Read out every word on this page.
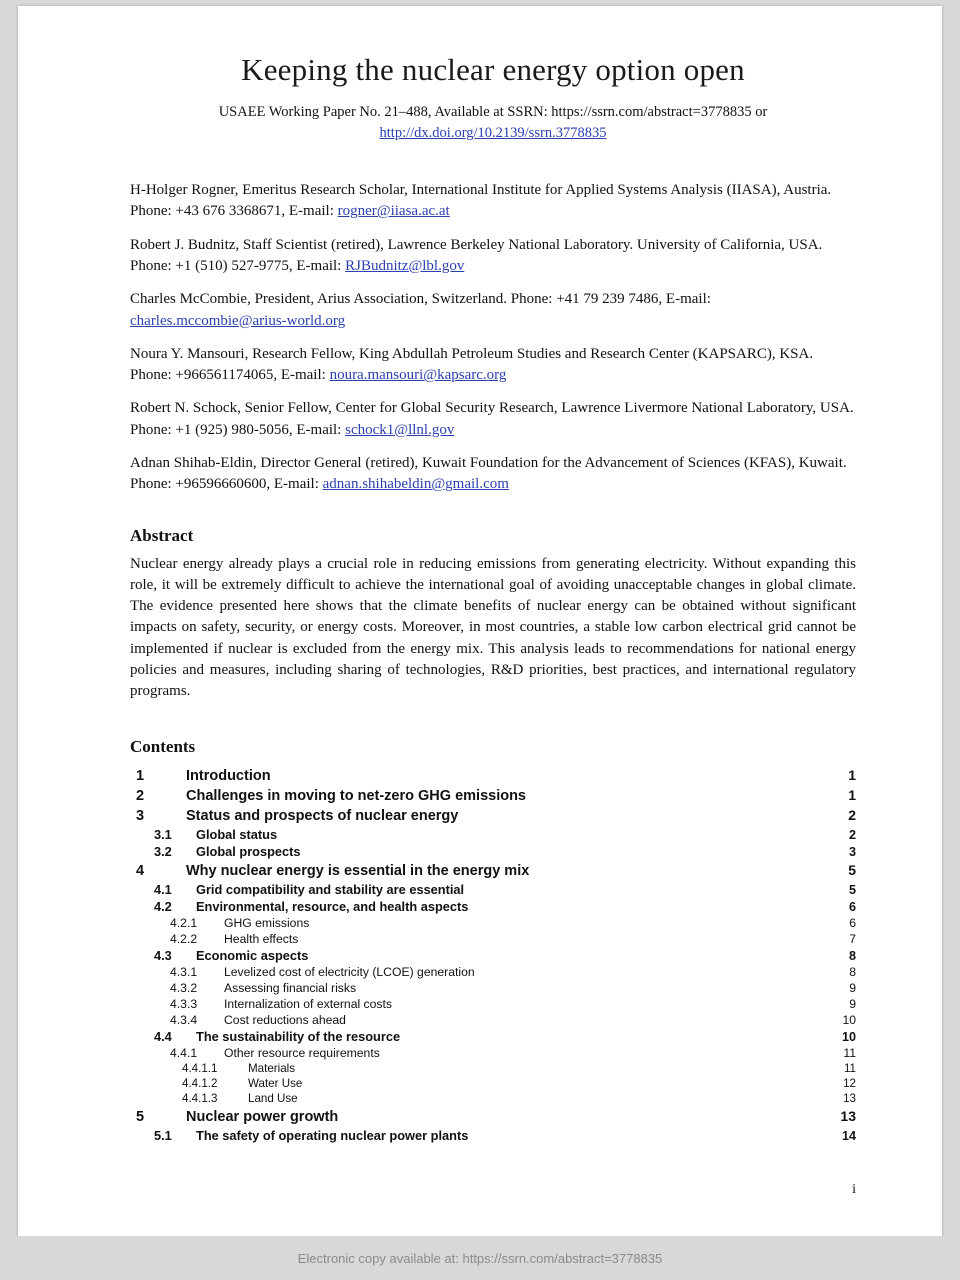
Keeping the nuclear energy option open
USAEE Working Paper No. 21–488, Available at SSRN: https://ssrn.com/abstract=3778835 or
http://dx.doi.org/10.2139/ssrn.3778835
H-Holger Rogner, Emeritus Research Scholar, International Institute for Applied Systems Analysis (IIASA), Austria. Phone: +43 676 3368671, E-mail: rogner@iiasa.ac.at
Robert J. Budnitz, Staff Scientist (retired), Lawrence Berkeley National Laboratory. University of California, USA. Phone: +1 (510) 527-9775, E-mail: RJBudnitz@lbl.gov
Charles McCombie, President, Arius Association, Switzerland. Phone: +41 79 239 7486, E-mail: charles.mccombie@arius-world.org
Noura Y. Mansouri, Research Fellow, King Abdullah Petroleum Studies and Research Center (KAPSARC), KSA. Phone: +966561174065, E-mail: noura.mansouri@kapsarc.org
Robert N. Schock, Senior Fellow, Center for Global Security Research, Lawrence Livermore National Laboratory, USA. Phone: +1 (925) 980-5056, E-mail: schock1@llnl.gov
Adnan Shihab-Eldin, Director General (retired), Kuwait Foundation for the Advancement of Sciences (KFAS), Kuwait. Phone: +96596660600, E-mail: adnan.shihabeldin@gmail.com
Abstract
Nuclear energy already plays a crucial role in reducing emissions from generating electricity. Without expanding this role, it will be extremely difficult to achieve the international goal of avoiding unacceptable changes in global climate. The evidence presented here shows that the climate benefits of nuclear energy can be obtained without significant impacts on safety, security, or energy costs. Moreover, in most countries, a stable low carbon electrical grid cannot be implemented if nuclear is excluded from the energy mix. This analysis leads to recommendations for national energy policies and measures, including sharing of technologies, R&D priorities, best practices, and international regulatory programs.
Contents
1	Introduction	1
2	Challenges in moving to net-zero GHG emissions	1
3	Status and prospects of nuclear energy	2
3.1	Global status	2
3.2	Global prospects	3
4	Why nuclear energy is essential in the energy mix	5
4.1	Grid compatibility and stability are essential	5
4.2	Environmental, resource, and health aspects	6
4.2.1	GHG emissions	6
4.2.2	Health effects	7
4.3	Economic aspects	8
4.3.1	Levelized cost of electricity (LCOE) generation	8
4.3.2	Assessing financial risks	9
4.3.3	Internalization of external costs	9
4.3.4	Cost reductions ahead	10
4.4	The sustainability of the resource	10
4.4.1	Other resource requirements	11
4.4.1.1	Materials	11
4.4.1.2	Water Use	12
4.4.1.3	Land Use	13
5	Nuclear power growth	13
5.1	The safety of operating nuclear power plants	14
i
Electronic copy available at: https://ssrn.com/abstract=3778835
